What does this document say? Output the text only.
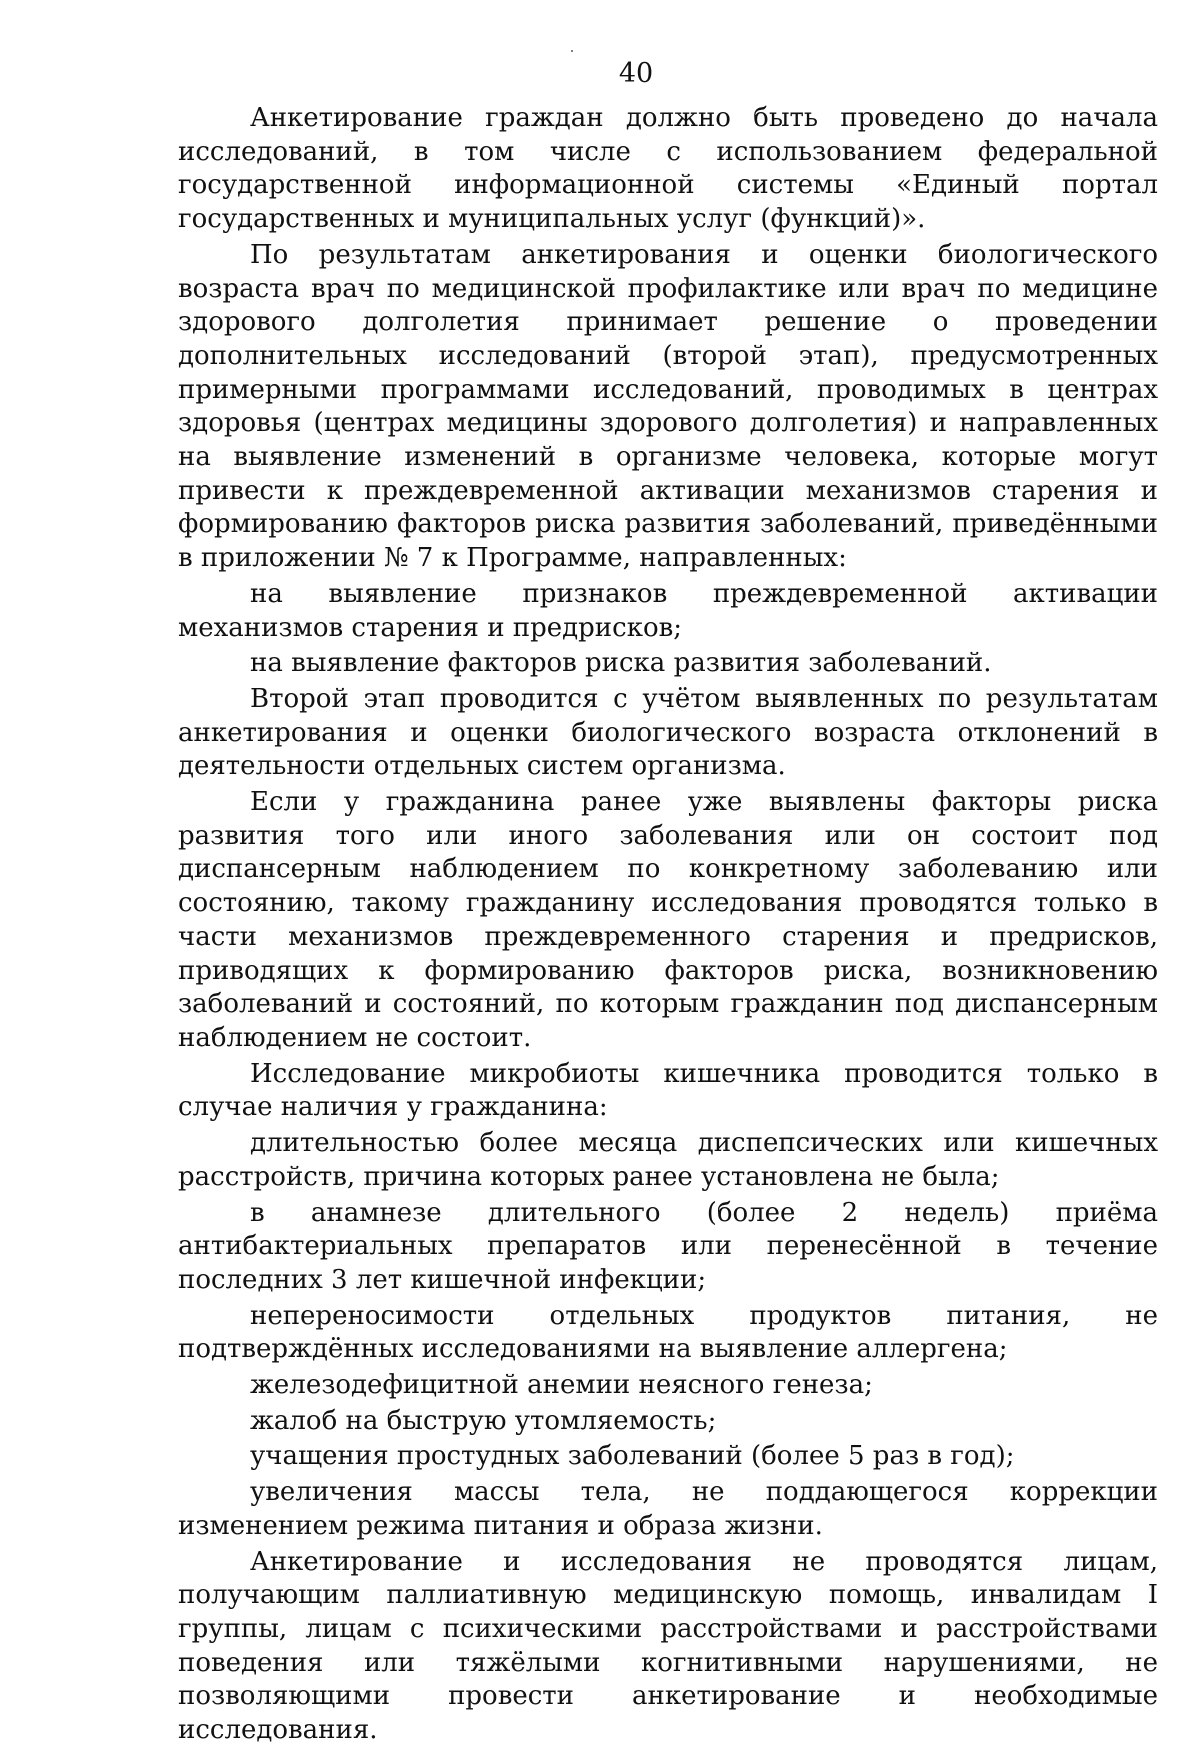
40

Анкетирование граждан должно быть проведено до начала исследований, в том числе с использованием федеральной государственной информационной системы «Единый портал государственных и муниципальных услуг (функций)».

По результатам анкетирования и оценки биологического возраста врач по медицинской профилактике или врач по медицине здорового долголетия принимает решение о проведении дополнительных исследований (второй этап), предусмотренных примерными программами исследований, проводимых в центрах здоровья (центрах медицины здорового долголетия) и направленных на выявление изменений в организме человека, которые могут привести к преждевременной активации механизмов старения и формированию факторов риска развития заболеваний, приведёнными в приложении № 7 к Программе, направленных:

на выявление признаков преждевременной активации механизмов старения и предрисков;

на выявление факторов риска развития заболеваний.

Второй этап проводится с учётом выявленных по результатам анкетирования и оценки биологического возраста отклонений в деятельности отдельных систем организма.

Если у гражданина ранее уже выявлены факторы риска развития того или иного заболевания или он состоит под диспансерным наблюдением по конкретному заболеванию или состоянию, такому гражданину исследования проводятся только в части механизмов преждевременного старения и предрисков, приводящих к формированию факторов риска, возникновению заболеваний и состояний, по которым гражданин под диспансерным наблюдением не состоит.

Исследование микробиоты кишечника проводится только в случае наличия у гражданина:

длительностью более месяца диспепсических или кишечных расстройств, причина которых ранее установлена не была;

в анамнезе длительного (более 2 недель) приёма антибактериальных препаратов или перенесённой в течение последних 3 лет кишечной инфекции;

непереносимости отдельных продуктов питания, не подтверждённых исследованиями на выявление аллергена;

железодефицитной анемии неясного генеза;

жалоб на быструю утомляемость;

учащения простудных заболеваний (более 5 раз в год);

увеличения массы тела, не поддающегося коррекции изменением режима питания и образа жизни.

Анкетирование и исследования не проводятся лицам, получающим паллиативную медицинскую помощь, инвалидам I группы, лицам с психическими расстройствами и расстройствами поведения или тяжёлыми когнитивными нарушениями, не позволяющими провести анкетирование и необходимые исследования.
